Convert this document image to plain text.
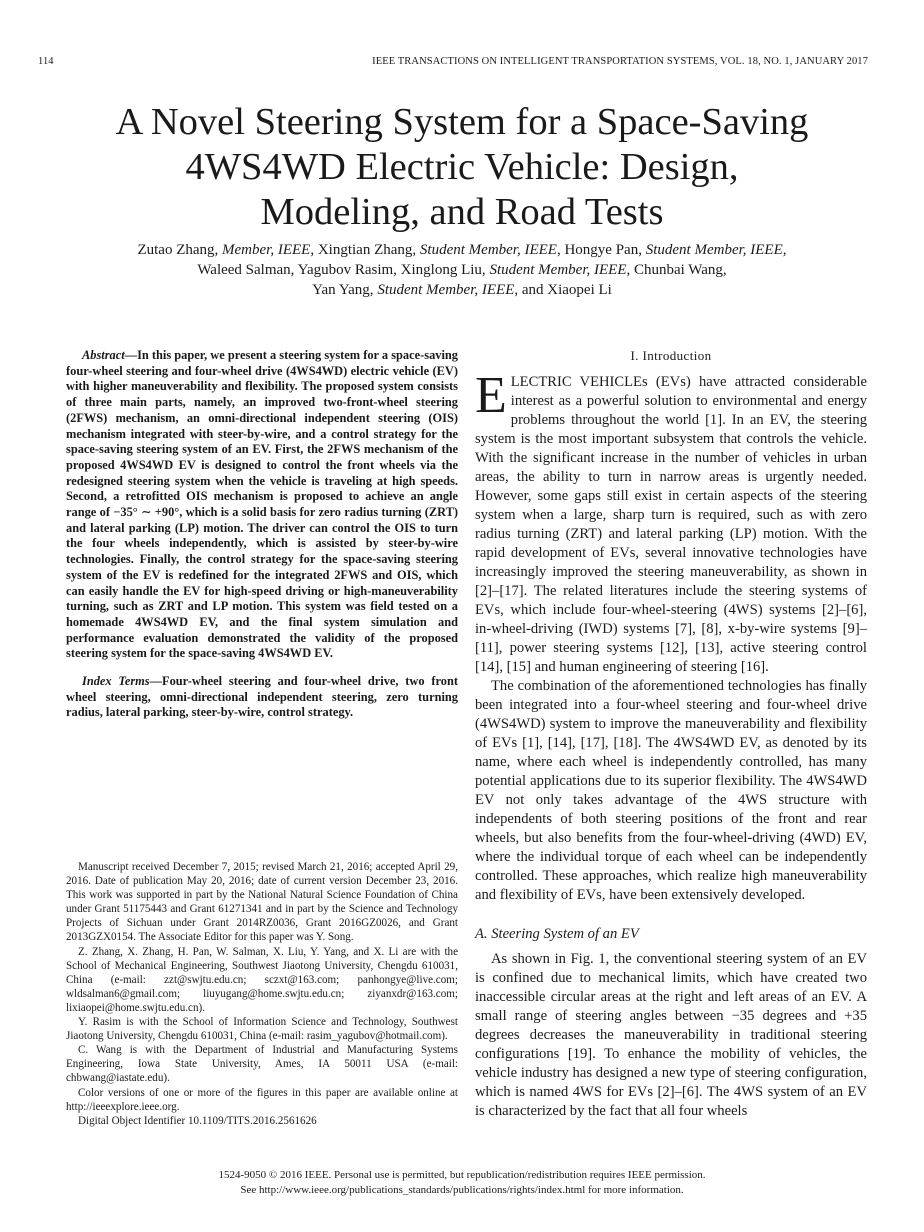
114	IEEE TRANSACTIONS ON INTELLIGENT TRANSPORTATION SYSTEMS, VOL. 18, NO. 1, JANUARY 2017
A Novel Steering System for a Space-Saving
4WS4WD Electric Vehicle: Design,
Modeling, and Road Tests
Zutao Zhang, Member, IEEE, Xingtian Zhang, Student Member, IEEE, Hongye Pan, Student Member, IEEE,
Waleed Salman, Yagubov Rasim, Xinglong Liu, Student Member, IEEE, Chunbai Wang,
Yan Yang, Student Member, IEEE, and Xiaopei Li

Abstract—In this paper, we present a steering system for a space-saving four-wheel steering and four-wheel drive (4WS4WD) electric vehicle (EV) with higher maneuverability and flexibility. The proposed system consists of three main parts, namely, an improved two-front-wheel steering (2FWS) mechanism, an omni-directional independent steering (OIS) mechanism integrated with steer-by-wire, and a control strategy for the space-saving steering system of an EV. First, the 2FWS mechanism of the proposed 4WS4WD EV is designed to control the front wheels via the redesigned steering system when the vehicle is traveling at high speeds. Second, a retrofitted OIS mechanism is proposed to achieve an angle range of −35° ∼ +90°, which is a solid basis for zero radius turning (ZRT) and lateral parking (LP) motion. The driver can control the OIS to turn the four wheels independently, which is assisted by steer-by-wire technologies. Finally, the control strategy for the space-saving steering system of the EV is redefined for the integrated 2FWS and OIS, which can easily handle the EV for high-speed driving or high-maneuverability turning, such as ZRT and LP motion. This system was field tested on a homemade 4WS4WD EV, and the final system simulation and performance evaluation demonstrated the validity of the proposed steering system for the space-saving 4WS4WD EV.

Index Terms—Four-wheel steering and four-wheel drive, two front wheel steering, omni-directional independent steering, zero turning radius, lateral parking, steer-by-wire, control strategy.

Manuscript received December 7, 2015; revised March 21, 2016; accepted April 29, 2016. Date of publication May 20, 2016; date of current version December 23, 2016. This work was supported in part by the National Natural Science Foundation of China under Grant 51175443 and Grant 61271341 and in part by the Science and Technology Projects of Sichuan under Grant 2014RZ0036, Grant 2016GZ0026, and Grant 2013GZX0154. The Associate Editor for this paper was Y. Song.

Z. Zhang, X. Zhang, H. Pan, W. Salman, X. Liu, Y. Yang, and X. Li are with the School of Mechanical Engineering, Southwest Jiaotong University, Chengdu 610031, China (e-mail: zzt@swjtu.edu.cn; sczxt@163.com; panhongye@live.com; wldsalman6@gmail.com; liuyugang@home.swjtu.edu.cn; ziyanxdr@163.com; lixiaopei@home.swjtu.edu.cn).

Y. Rasim is with the School of Information Science and Technology, Southwest Jiaotong University, Chengdu 610031, China (e-mail: rasim_yagubov@hotmail.com).

C. Wang is with the Department of Industrial and Manufacturing Systems Engineering, Iowa State University, Ames, IA 50011 USA (e-mail: chbwang@iastate.edu).

Color versions of one or more of the figures in this paper are available online at http://ieeexplore.ieee.org.

Digital Object Identifier 10.1109/TITS.2016.2561626

I. Introduction

ELECTRIC VEHICLEs (EVs) have attracted considerable interest as a powerful solution to environmental and energy problems throughout the world [1]. In an EV, the steering system is the most important subsystem that controls the vehicle. With the significant increase in the number of vehicles in urban areas, the ability to turn in narrow areas is urgently needed. However, some gaps still exist in certain aspects of the steering system when a large, sharp turn is required, such as with zero radius turning (ZRT) and lateral parking (LP) motion. With the rapid development of EVs, several innovative technologies have increasingly improved the steering maneuverability, as shown in [2]–[17]. The related literatures include the steering systems of EVs, which include four-wheel-steering (4WS) systems [2]–[6], in-wheel-driving (IWD) systems [7], [8], x-by-wire systems [9]–[11], power steering systems [12], [13], active steering control [14], [15] and human engineering of steering [16].

The combination of the aforementioned technologies has finally been integrated into a four-wheel steering and four-wheel drive (4WS4WD) system to improve the maneuverability and flexibility of EVs [1], [14], [17], [18]. The 4WS4WD EV, as denoted by its name, where each wheel is independently controlled, has many potential applications due to its superior flexibility. The 4WS4WD EV not only takes advantage of the 4WS structure with independents of both steering positions of the front and rear wheels, but also benefits from the four-wheel-driving (4WD) EV, where the individual torque of each wheel can be independently controlled. These approaches, which realize high maneuverability and flexibility of EVs, have been extensively developed.

A. Steering System of an EV

As shown in Fig. 1, the conventional steering system of an EV is confined due to mechanical limits, which have created two inaccessible circular areas at the right and left areas of an EV. A small range of steering angles between −35 degrees and +35 degrees decreases the maneuverability in traditional steering configurations [19]. To enhance the mobility of vehicles, the vehicle industry has designed a new type of steering configuration, which is named 4WS for EVs [2]–[6]. The 4WS system of an EV is characterized by the fact that all four wheels

1524-9050 © 2016 IEEE. Personal use is permitted, but republication/redistribution requires IEEE permission.
See http://www.ieee.org/publications_standards/publications/rights/index.html for more information.
